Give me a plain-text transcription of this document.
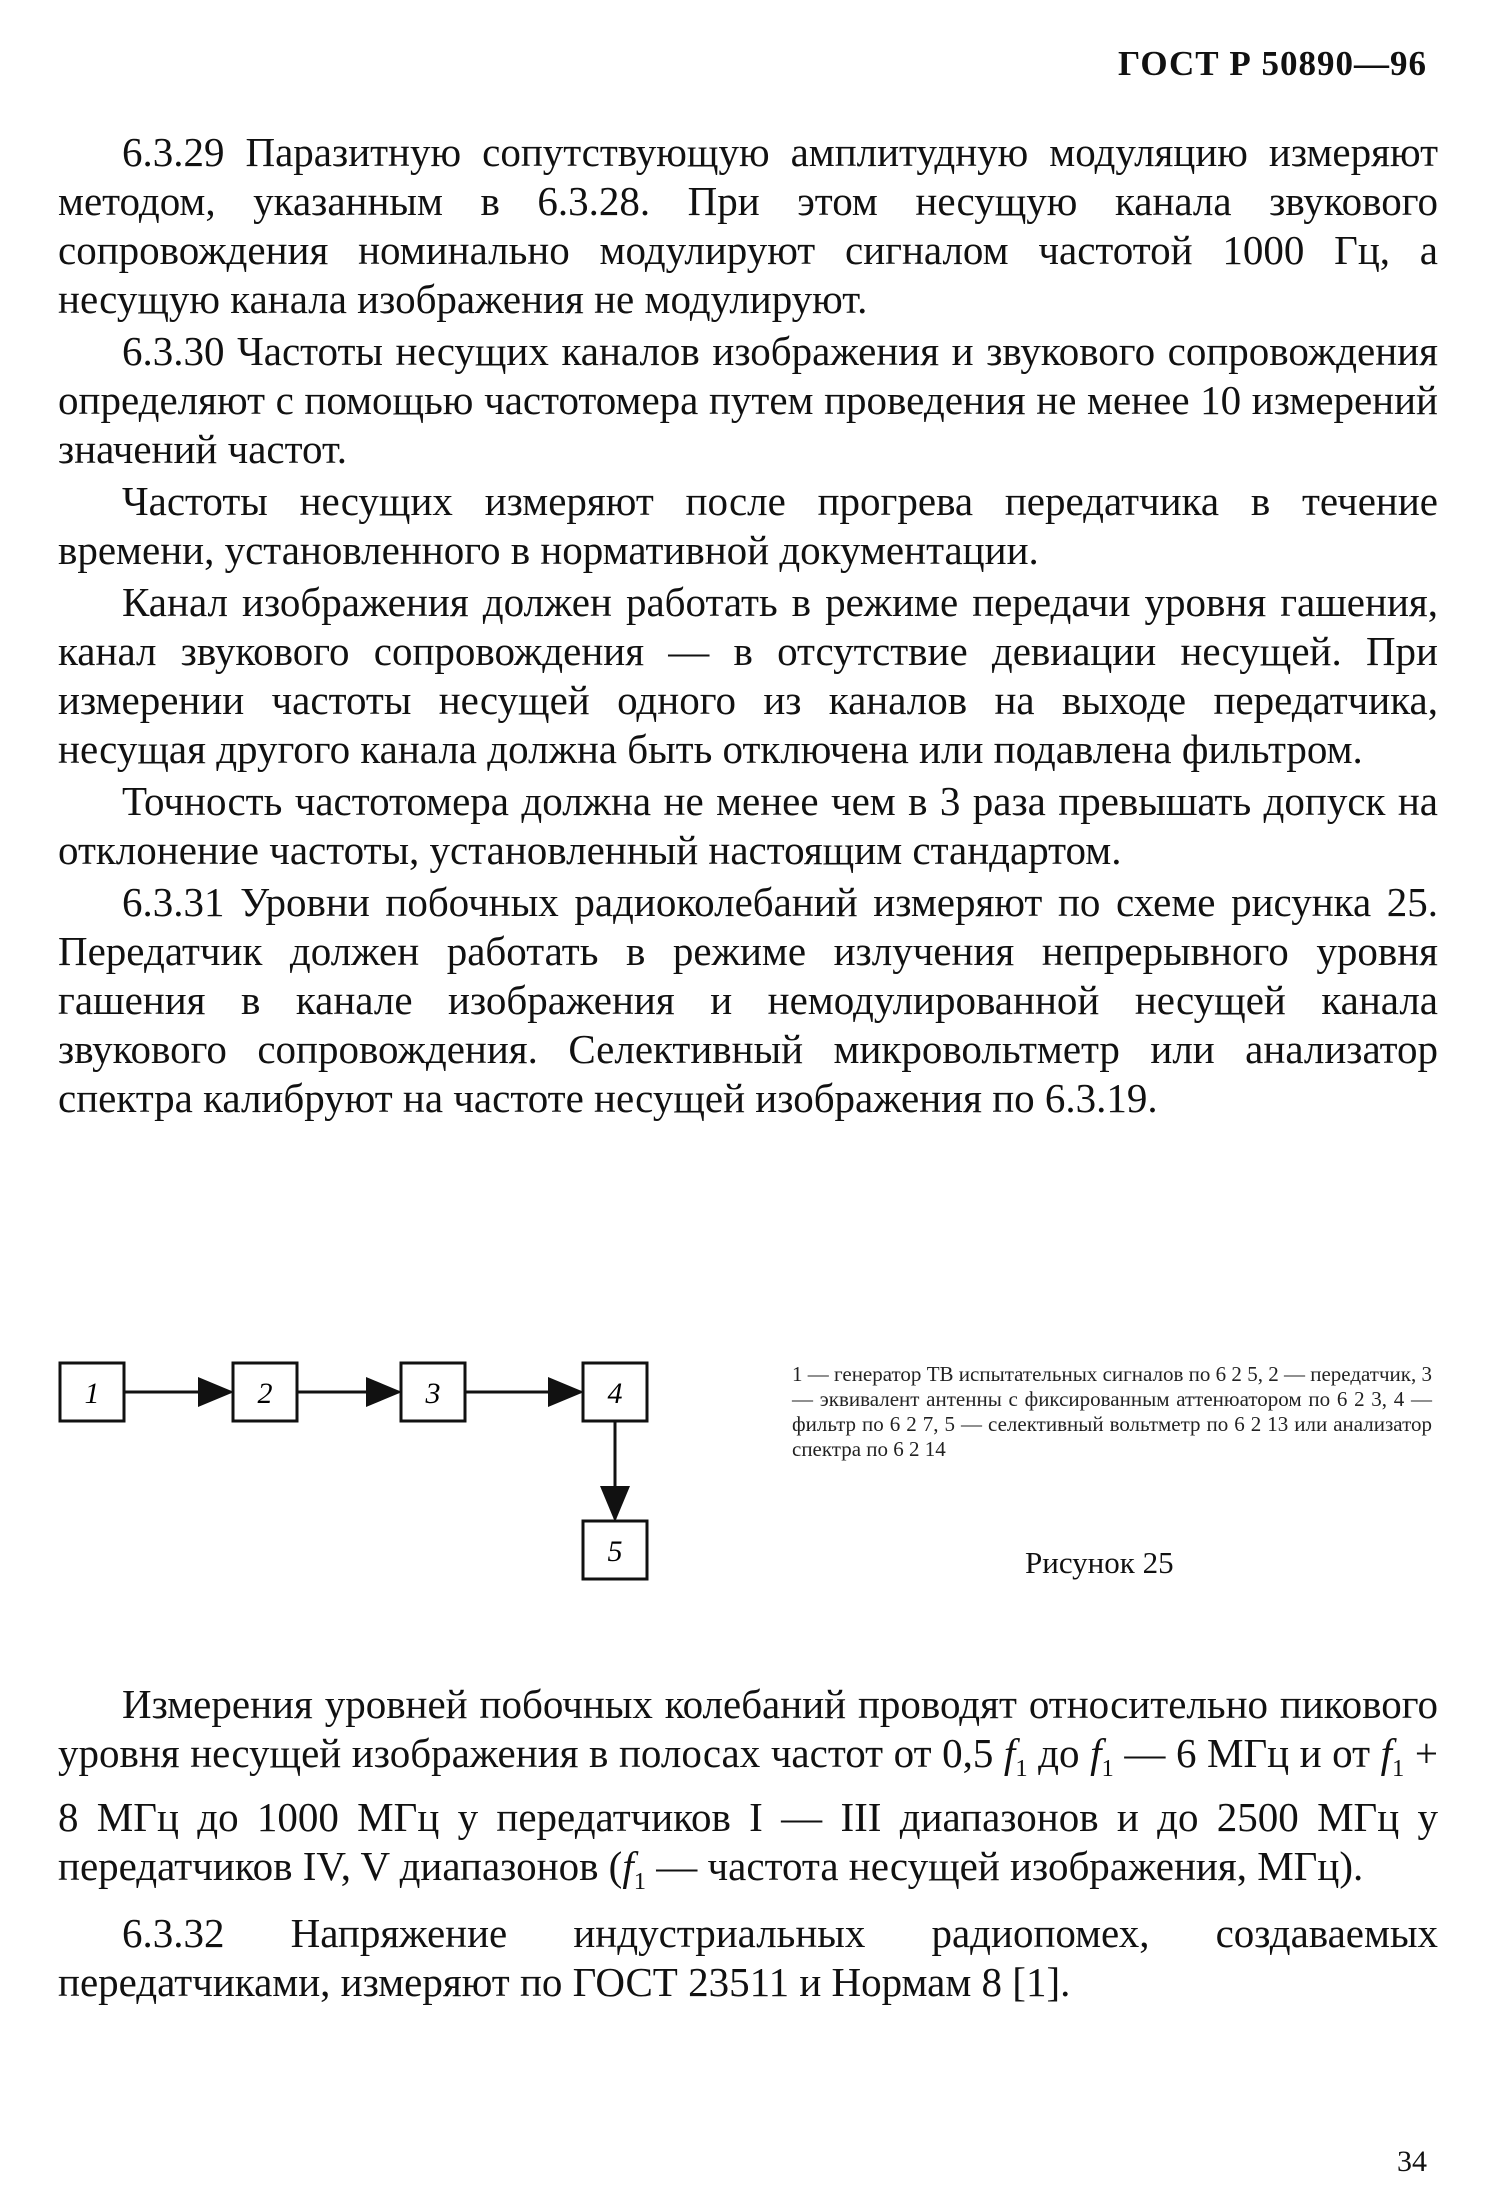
ГОСТ Р 50890—96

6.3.29 Паразитную сопутствующую амплитудную модуляцию измеряют методом, указанным в 6.3.28. При этом несущую канала звукового сопровождения номинально модулируют сигналом частотой 1000 Гц, а несущую канала изображения не модулируют.

6.3.30 Частоты несущих каналов изображения и звукового сопровождения определяют с помощью частотомера путем проведения не менее 10 измерений значений частот.

Частоты несущих измеряют после прогрева передатчика в течение времени, установленного в нормативной документации.

Канал изображения должен работать в режиме передачи уровня гашения, канал звукового сопровождения — в отсутствие девиации несущей. При измерении частоты несущей одного из каналов на выходе передатчика, несущая другого канала должна быть отключена или подавлена фильтром.

Точность частотомера должна не менее чем в 3 раза превышать допуск на отклонение частоты, установленный настоящим стандартом.

6.3.31 Уровни побочных радиоколебаний измеряют по схеме рисунка 25. Передатчик должен работать в режиме излучения непрерывного уровня гашения в канале изображения и немодулированной несущей канала звукового сопровождения. Селективный микровольтметр или анализатор спектра калибруют на частоте несущей изображения по 6.3.19.

1	2	3	4
5
1 — генератор ТВ испытательных сигналов по 6 2 5, 2 — передатчик, 3 — эквивалент антенны с фиксированным аттенюатором по 6 2 3, 4 — фильтр по 6 2 7, 5 — селективный вольтметр по 6 2 13 или анализатор спектра по 6 2 14
Рисунок 25

Измерения уровней побочных колебаний проводят относительно пикового уровня несущей изображения в полосах частот от 0,5 $f_1$ до $f_1$ — 6 МГц и от $f_1 + 8$ МГц до 1000 МГц у передатчиков I — III диапазонов и до 2500 МГц у передатчиков IV, V диапазонов ($f_1$ — частота несущей изображения, МГц).

6.3.32 Напряжение индустриальных радиопомех, создаваемых передатчиками, измеряют по ГОСТ 23511 и Нормам 8 [1].

34
